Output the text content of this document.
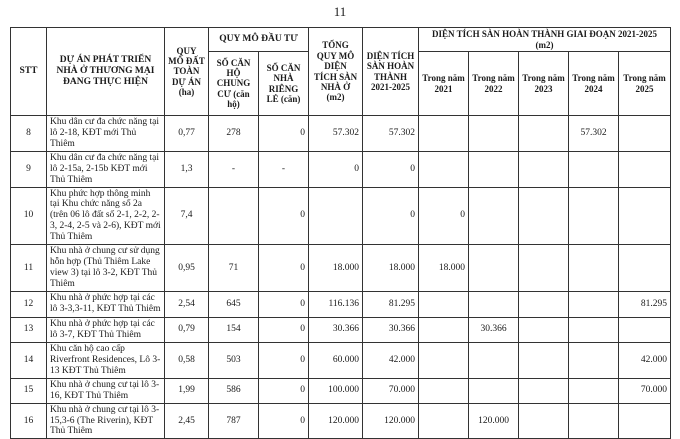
11
STT	DỰ ÁN PHÁT TRIỂN NHÀ Ở THƯƠNG MẠI ĐANG THỰC HIỆN	QUY MÔ ĐẤT TOÀN DỰ ÁN (ha)	QUY MÔ ĐẦU TƯ		TỔNG QUY MÔ DIỆN TÍCH SÀN NHÀ Ở (m2)	DIỆN TÍCH SÀN HOÀN THÀNH 2021-2025	DIỆN TÍCH SÀN HOÀN THÀNH GIAI ĐOẠN 2021-2025 (m2)				
			SỐ CĂN HỘ CHUNG CƯ (căn hộ)	SỐ CĂN NHÀ RIÊNG LẺ (căn)			Trong năm 2021	Trong năm 2022	Trong năm 2023	Trong năm 2024	Trong năm 2025
8	Khu dân cư đa chức năng tại lô 2-18, KĐT mới Thủ Thiêm	0,77	278	0	57.302	57.302				57.302	
9	Khu dân cư đa chức năng tại lô 2-15a, 2-15b KĐT mới Thủ Thiêm	1,3	-	-	0	0					
10	Khu phức hợp thông minh tại Khu chức năng số 2a (trên 06 lô đất số 2-1, 2-2, 2-3, 2-4, 2-5 và 2-6), KĐT mới Thủ Thiêm	7,4		0		0	0				
11	Khu nhà ở chung cư sử dụng hỗn hợp (Thủ Thiêm Lake view 3) tại lô 3-2, KĐT Thủ Thiêm	0,95	71	0	18.000	18.000	18.000				
12	Khu nhà ở phức hợp tại các lô 3-3,3-11, KĐT Thủ Thiêm	2,54	645	0	116.136	81.295					81.295
13	Khu nhà ở phức hợp tại các lô 3-7, KĐT Thủ Thiêm	0,79	154	0	30.366	30.366		30.366			
14	Khu căn hộ cao cấp Riverfront Residences, Lô 3-13 KĐT Thủ Thiêm	0,58	503	0	60.000	42.000					42.000
15	Khu nhà ở chung cư tại lô 3-16, KĐT Thủ Thiêm	1,99	586	0	100.000	70.000					70.000
16	Khu nhà ở chung cư tại lô 3-15,3-6 (The Riverin), KĐT Thủ Thiêm	2,45	787	0	120.000	120.000		120.000			
